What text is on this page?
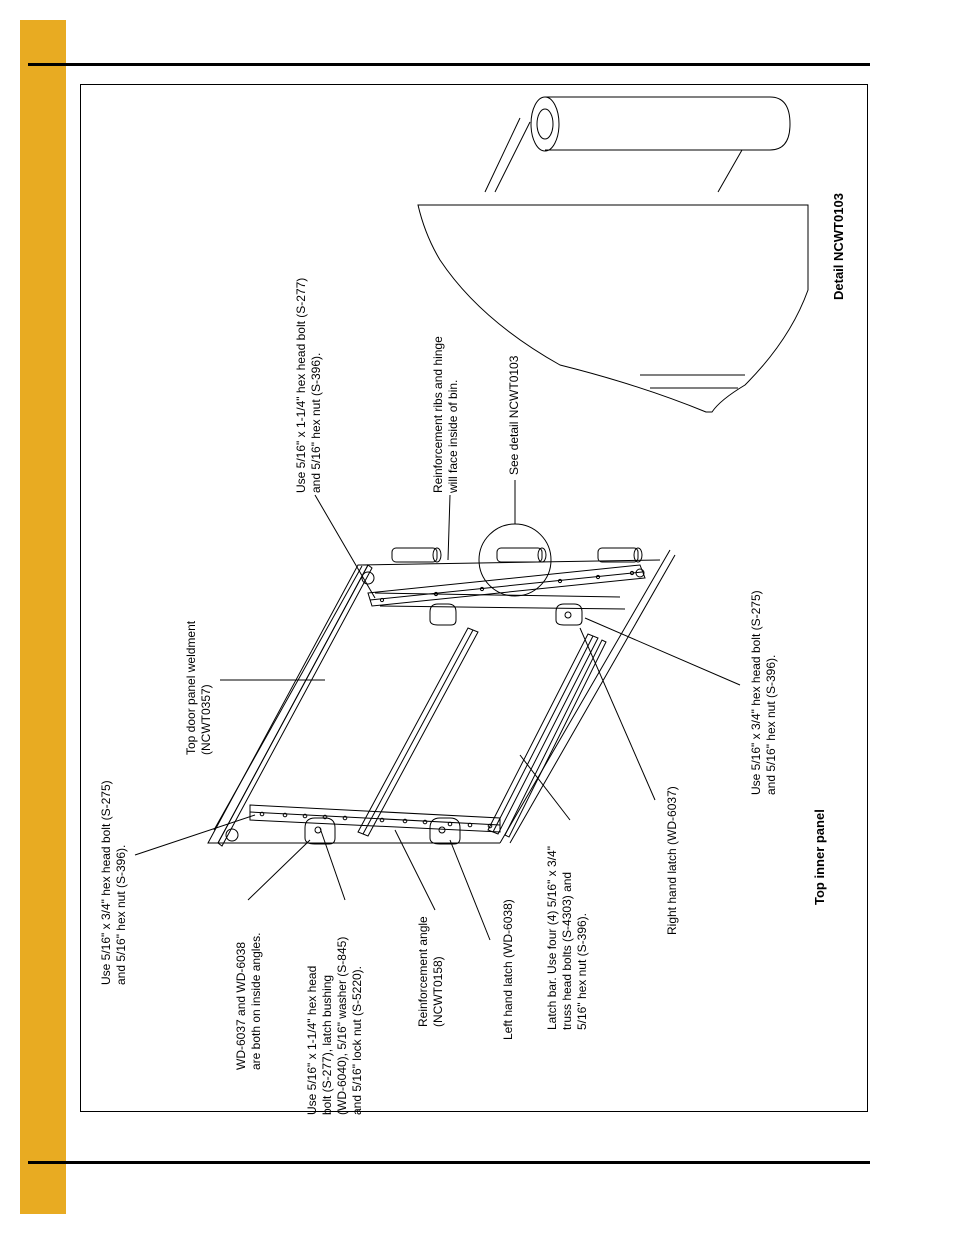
Top inner panel
Detail NCWT0103
Use 5/16" x 3/4" hex head bolt (S-275) and 5/16" hex nut (S-396).
WD-6037 and WD-6038 are both on inside angles.	Use 5/16" x 1-1/4" hex head bolt (S-277), latch bushing (WD-6040), 5/16" washer (S-845) and 5/16" lock nut (S-5220).	Reinforcement angle (NCWT0158)	Left hand latch (WD-6038)	Latch bar. Use four (4) 5/16" x 3/4" truss head bolts (S-4303) and 5/16" hex nut (S-396).
Right hand latch (WD-6037)
Use 5/16" x 3/4" hex head bolt (S-275) and 5/16" hex nut (S-396).
Top door panel weldment (NCWT0357)
Use 5/16" x 1-1/4" hex head bolt (S-277) and 5/16" hex nut (S-396).	Reinforcement ribs and hinge will face inside of bin.	See detail NCWT0103
